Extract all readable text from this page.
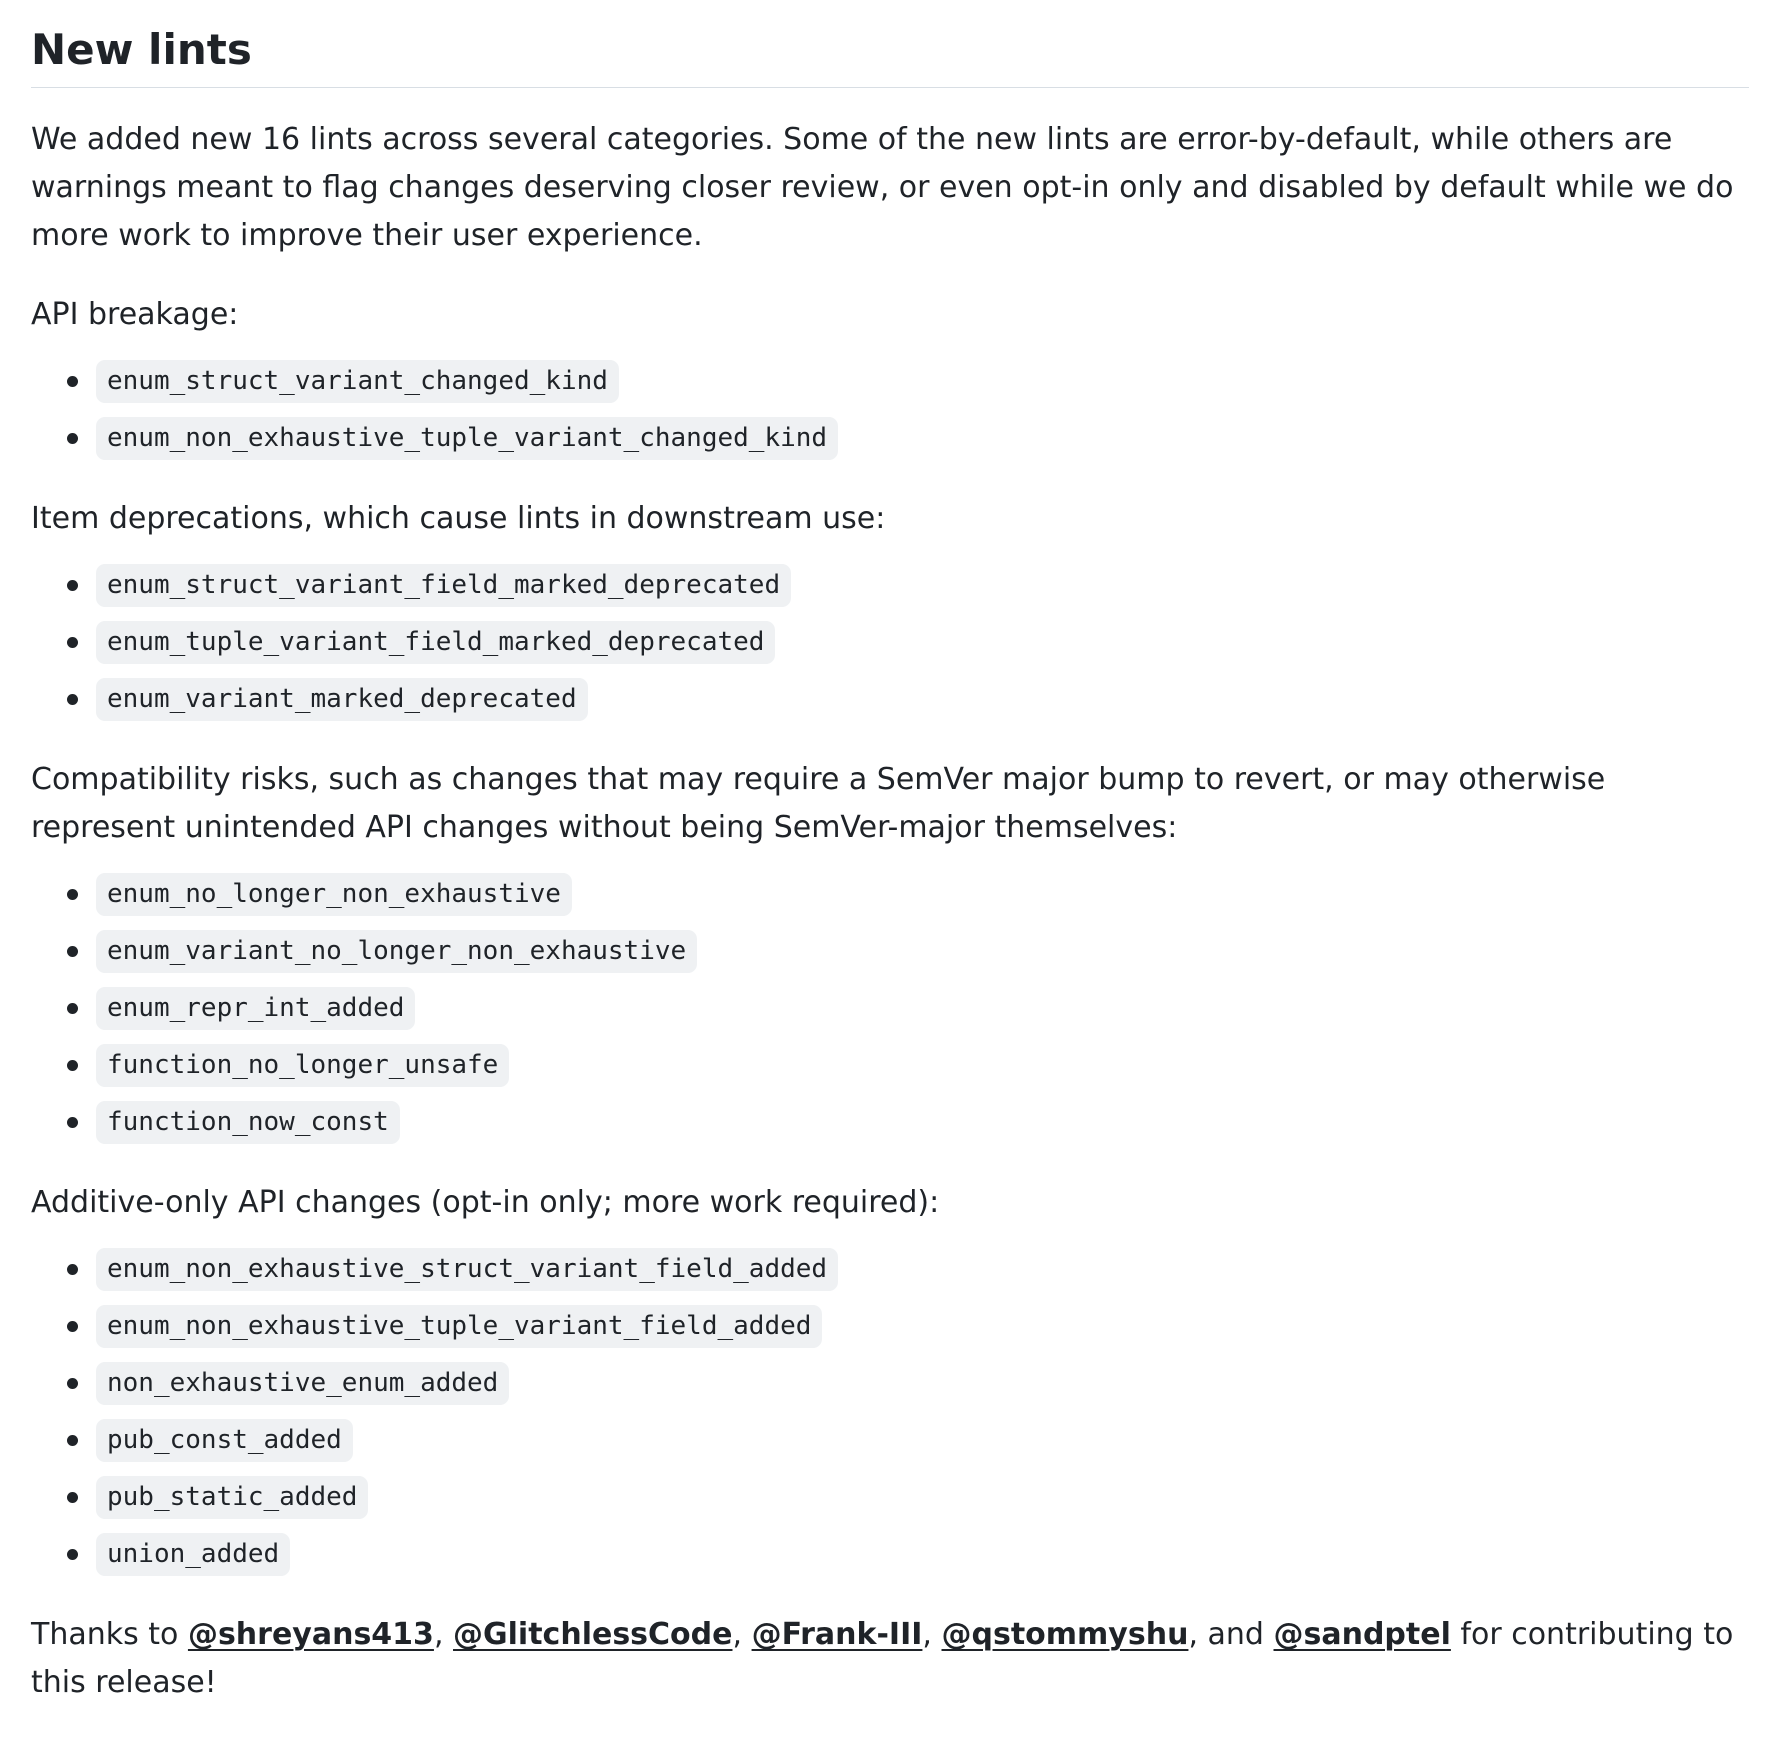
New lints

We added new 16 lints across several categories. Some of the new lints are error-by-default, while others are warnings meant to flag changes deserving closer review, or even opt-in only and disabled by default while we do more work to improve their user experience.

API breakage:

enum_struct_variant_changed_kind
enum_non_exhaustive_tuple_variant_changed_kind

Item deprecations, which cause lints in downstream use:

enum_struct_variant_field_marked_deprecated
enum_tuple_variant_field_marked_deprecated
enum_variant_marked_deprecated

Compatibility risks, such as changes that may require a SemVer major bump to revert, or may otherwise represent unintended API changes without being SemVer-major themselves:

enum_no_longer_non_exhaustive
enum_variant_no_longer_non_exhaustive
enum_repr_int_added
function_no_longer_unsafe
function_now_const

Additive-only API changes (opt-in only; more work required):

enum_non_exhaustive_struct_variant_field_added
enum_non_exhaustive_tuple_variant_field_added
non_exhaustive_enum_added
pub_const_added
pub_static_added
union_added

Thanks to @shreyans413, @GlitchlessCode, @Frank-III, @qstommyshu, and @sandptel for contributing to this release!
